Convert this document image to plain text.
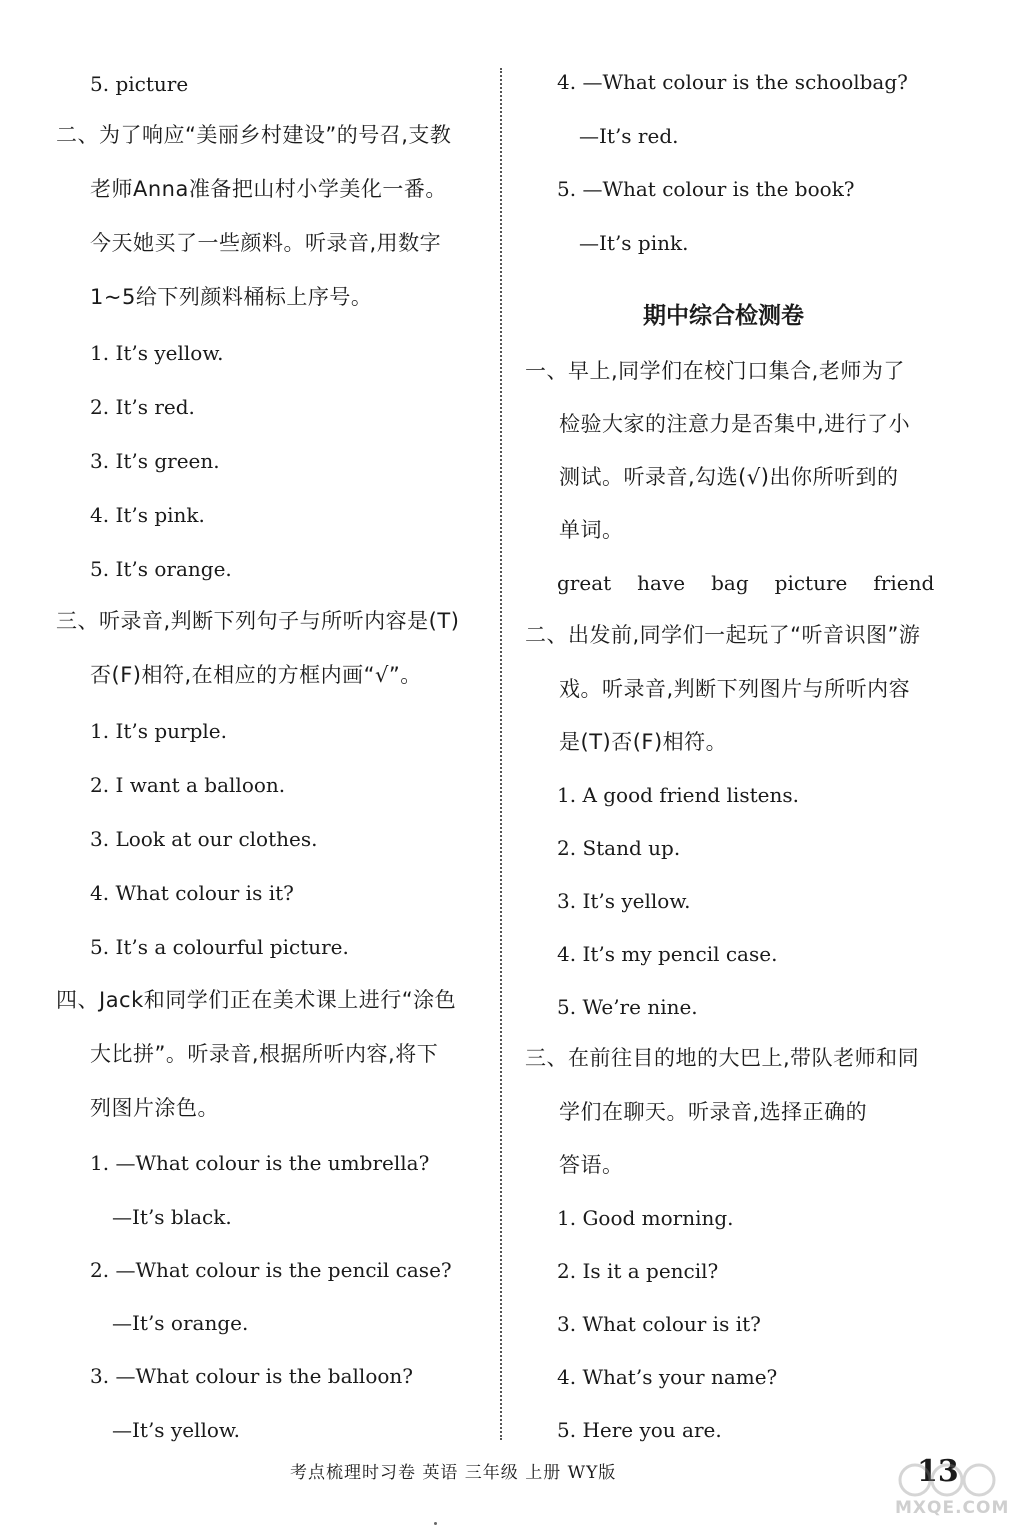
5. picture
二、为了响应“美丽乡村建设”的号召,支教
老师Anna准备把山村小学美化一番。
今天她买了一些颜料。听录音,用数字
1~5给下列颜料桶标上序号。
1. It’s yellow.
2. It’s red.
3. It’s green.
4. It’s pink.
5. It’s orange.
三、听录音,判断下列句子与所听内容是(T)
否(F)相符,在相应的方框内画“√”。
1. It’s purple.
2. I want a balloon.
3. Look at our clothes.
4. What colour is it?
5. It’s a colourful picture.
四、Jack和同学们正在美术课上进行“涂色
大比拼”。听录音,根据所听内容,将下
列图片涂色。
1. —What colour is the umbrella?
—It’s black.
2. —What colour is the pencil case?
—It’s orange.
3. —What colour is the balloon?
—It’s yellow.
4. —What colour is the schoolbag?
—It’s red.
5. —What colour is the book?
—It’s pink.
期中综合检测卷
一、早上,同学们在校门口集合,老师为了
检验大家的注意力是否集中,进行了小
测试。听录音,勾选(√)出你所听到的
单词。
great have bag picture friend
二、出发前,同学们一起玩了“听音识图”游
戏。听录音,判断下列图片与所听内容
是(T)否(F)相符。
1. A good friend listens.
2. Stand up.
3. It’s yellow.
4. It’s my pencil case.
5. We’re nine.
三、在前往目的地的大巴上,带队老师和同
学们在聊天。听录音,选择正确的
答语。
1. Good morning.
2. Is it a pencil?
3. What colour is it?
4. What’s your name?
5. Here you are.
考点梳理时习卷 英语 三年级 上册 WY版	13
MXQE.COM
